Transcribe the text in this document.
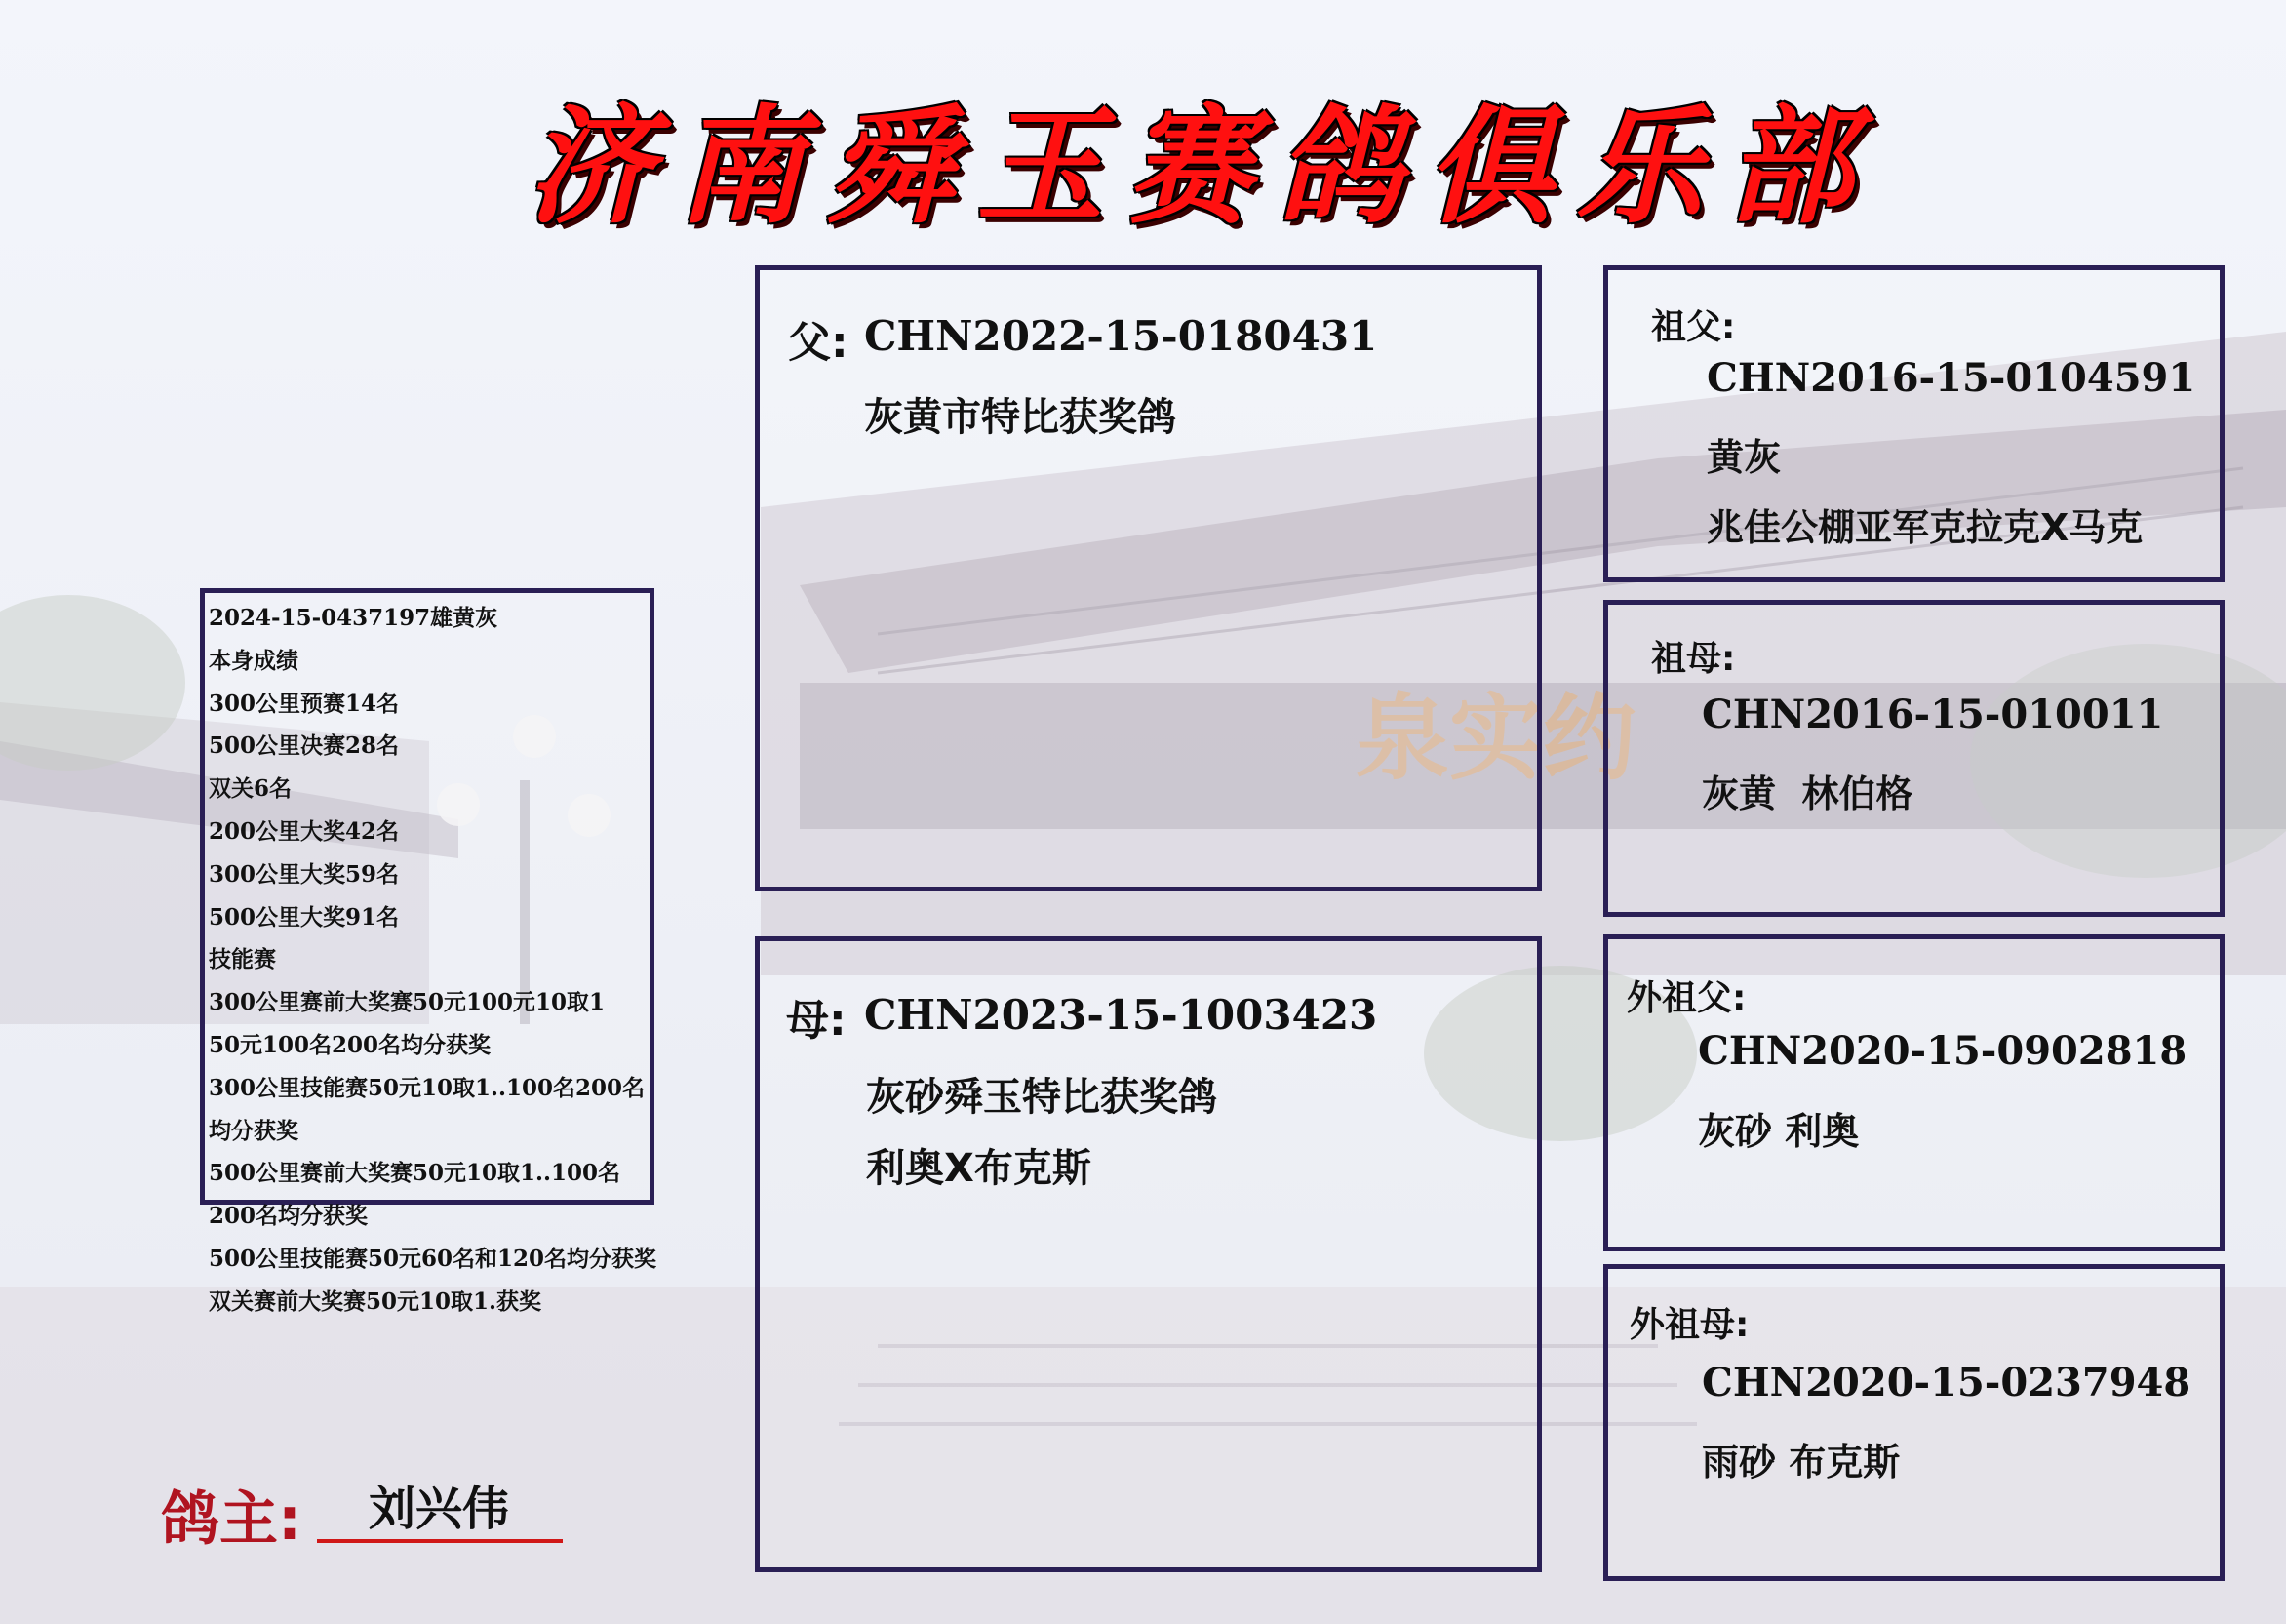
泉实约
济 南 舜 玉 赛 鸽 俱 乐 部
2024-15-0437197雄黄灰
本身成绩
300公里预赛14名
500公里决赛28名
双关6名
200公里大奖42名
300公里大奖59名
500公里大奖91名
技能赛
300公里赛前大奖赛50元100元10取1
50元100名200名均分获奖
300公里技能赛50元10取1..100名200名
均分获奖
500公里赛前大奖赛50元10取1..100名
200名均分获奖
500公里技能赛50元60名和120名均分获奖
双关赛前大奖赛50元10取1.获奖
鸽主: 刘兴伟
父: CHN2022-15-0180431
灰黄市特比获奖鸽
母: CHN2023-15-1003423
灰砂舜玉特比获奖鸽
利奥X布克斯
祖父:
CHN2016-15-0104591
黄灰
兆佳公棚亚军克拉克X马克
祖母:
CHN2016-15-010011
灰黄  林伯格
外祖父:
CHN2020-15-0902818
灰砂 利奥
外祖母:
CHN2020-15-0237948
雨砂 布克斯
